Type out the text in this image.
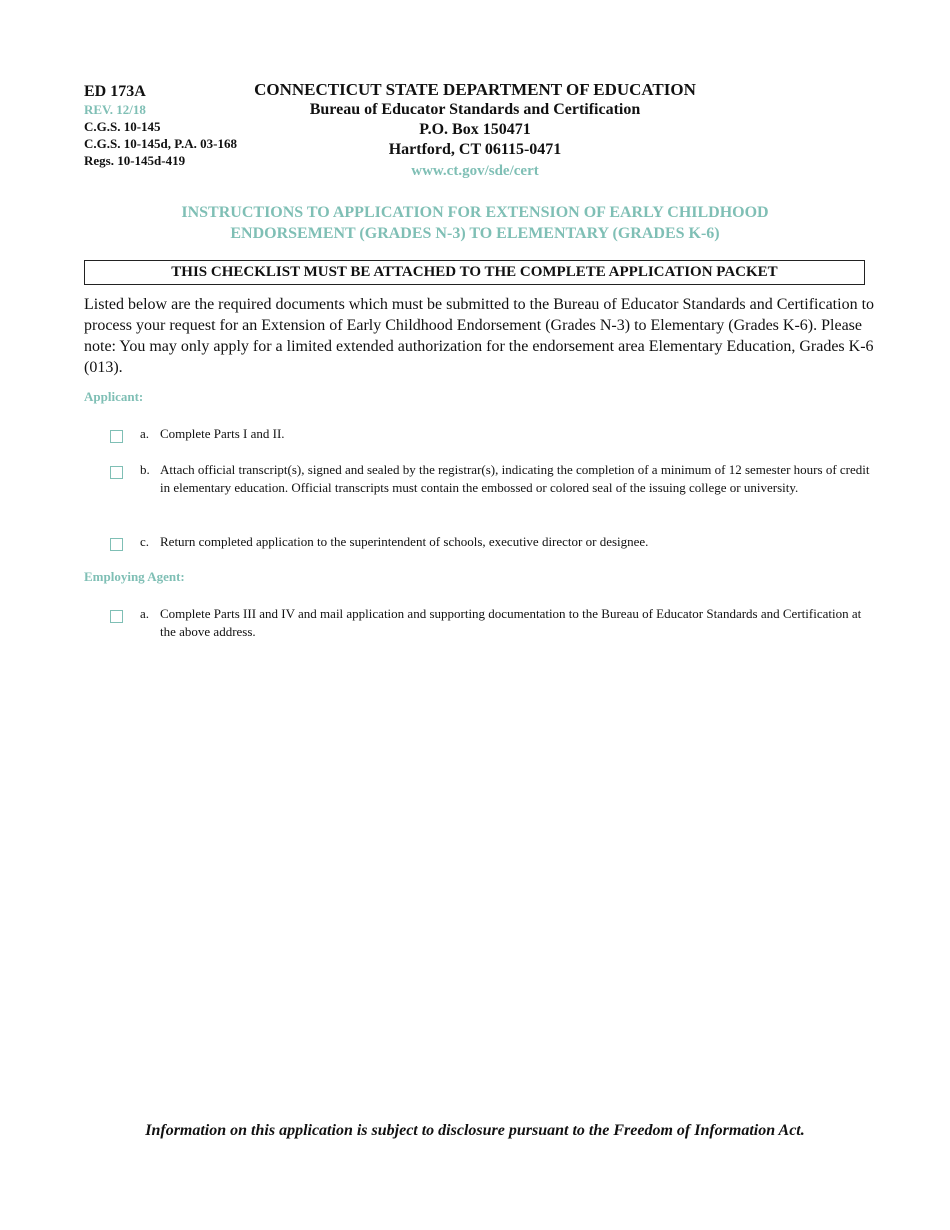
ED 173A
REV. 12/18
C.G.S. 10-145
C.G.S. 10-145d, P.A. 03-168
Regs. 10-145d-419
CONNECTICUT STATE DEPARTMENT OF EDUCATION
Bureau of Educator Standards and Certification
P.O. Box 150471
Hartford, CT 06115-0471
www.ct.gov/sde/cert
INSTRUCTIONS TO APPLICATION FOR EXTENSION OF EARLY CHILDHOOD
ENDORSEMENT (GRADES N-3) TO ELEMENTARY (GRADES K-6)
THIS CHECKLIST MUST BE ATTACHED TO THE COMPLETE APPLICATION PACKET
Listed below are the required documents which must be submitted to the Bureau of Educator Standards and Certification to process your request for an Extension of Early Childhood Endorsement (Grades N-3) to Elementary (Grades K-6). Please note: You may only apply for a limited extended authorization for the endorsement area Elementary Education, Grades K-6 (013).
Applicant:
a. Complete Parts I and II.
b. Attach official transcript(s), signed and sealed by the registrar(s), indicating the completion of a minimum of 12 semester hours of credit in elementary education. Official transcripts must contain the embossed or colored seal of the issuing college or university.
c. Return completed application to the superintendent of schools, executive director or designee.
Employing Agent:
a. Complete Parts III and IV and mail application and supporting documentation to the Bureau of Educator Standards and Certification at the above address.
Information on this application is subject to disclosure pursuant to the Freedom of Information Act.
